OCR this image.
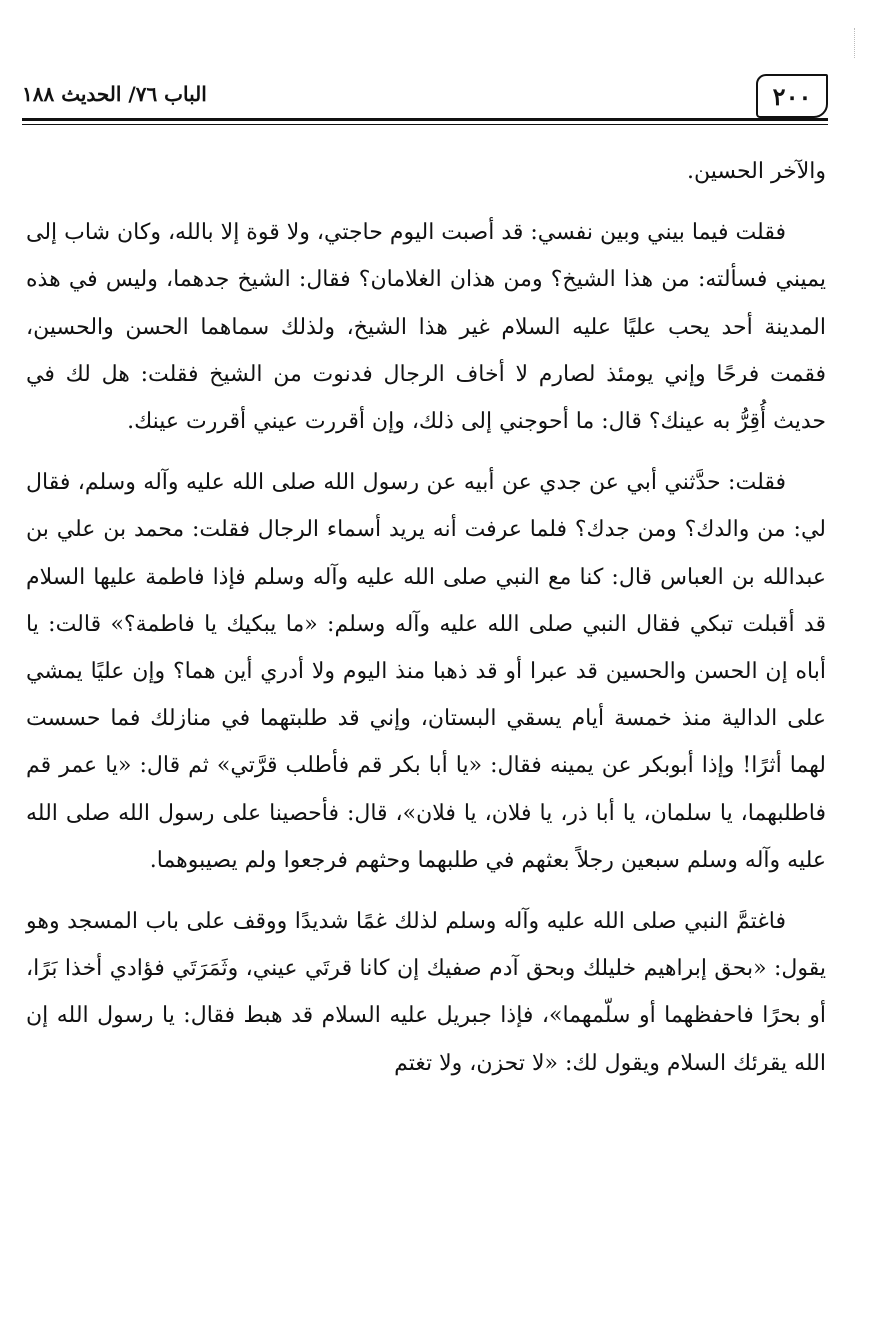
٢٠٠
الباب ٧٦/ الحديث ١٨٨

والآخر الحسين.

فقلت فيما بيني وبين نفسي: قد أصبت اليوم حاجتي، ولا قوة إلا بالله، وكان شاب إلى يميني فسألته: من هذا الشيخ؟ ومن هذان الغلامان؟ فقال: الشيخ جدهما، وليس في هذه المدينة أحد يحب عليًا عليه السلام غير هذا الشيخ، ولذلك سماهما الحسن والحسين، فقمت فرحًا وإني يومئذ لصارم لا أخاف الرجال فدنوت من الشيخ فقلت: هل لك في حديث أُقِرُّ به عينك؟ قال: ما أحوجني إلى ذلك، وإن أقررت عيني أقررت عينك.

فقلت: حدَّثني أبي عن جدي عن أبيه عن رسول الله صلى الله عليه وآله وسلم، فقال لي: من والدك؟ ومن جدك؟ فلما عرفت أنه يريد أسماء الرجال فقلت: محمد بن علي بن عبدالله بن العباس قال: كنا مع النبي صلى الله عليه وآله وسلم فإذا فاطمة عليها السلام قد أقبلت تبكي فقال النبي صلى الله عليه وآله وسلم: «ما يبكيك يا فاطمة؟» قالت: يا أباه إن الحسن والحسين قد عبرا أو قد ذهبا منذ اليوم ولا أدري أين هما؟ وإن عليًا يمشي على الدالية منذ خمسة أيام يسقي البستان، وإني قد طلبتهما في منازلك فما حسست لهما أثرًا! وإذا أبوبكر عن يمينه فقال: «يا أبا بكر قم فأطلب قرَّتي» ثم قال: «يا عمر قم فاطلبهما، يا سلمان، يا أبا ذر، يا فلان، يا فلان»، قال: فأحصينا على رسول الله صلى الله عليه وآله وسلم سبعين رجلاً بعثهم في طلبهما وحثهم فرجعوا ولم يصيبوهما.

فاغتمَّ النبي صلى الله عليه وآله وسلم لذلك غمًا شديدًا ووقف على باب المسجد وهو يقول: «بحق إبراهيم خليلك وبحق آدم صفيك إن كانا قرتَي عيني، وثَمَرَتَي فؤادي أخذا بَرًا، أو بحرًا فاحفظهما أو سلّمهما»، فإذا جبريل عليه السلام قد هبط فقال: يا رسول الله إن الله يقرئك السلام ويقول لك: «لا تحزن، ولا تغتم
